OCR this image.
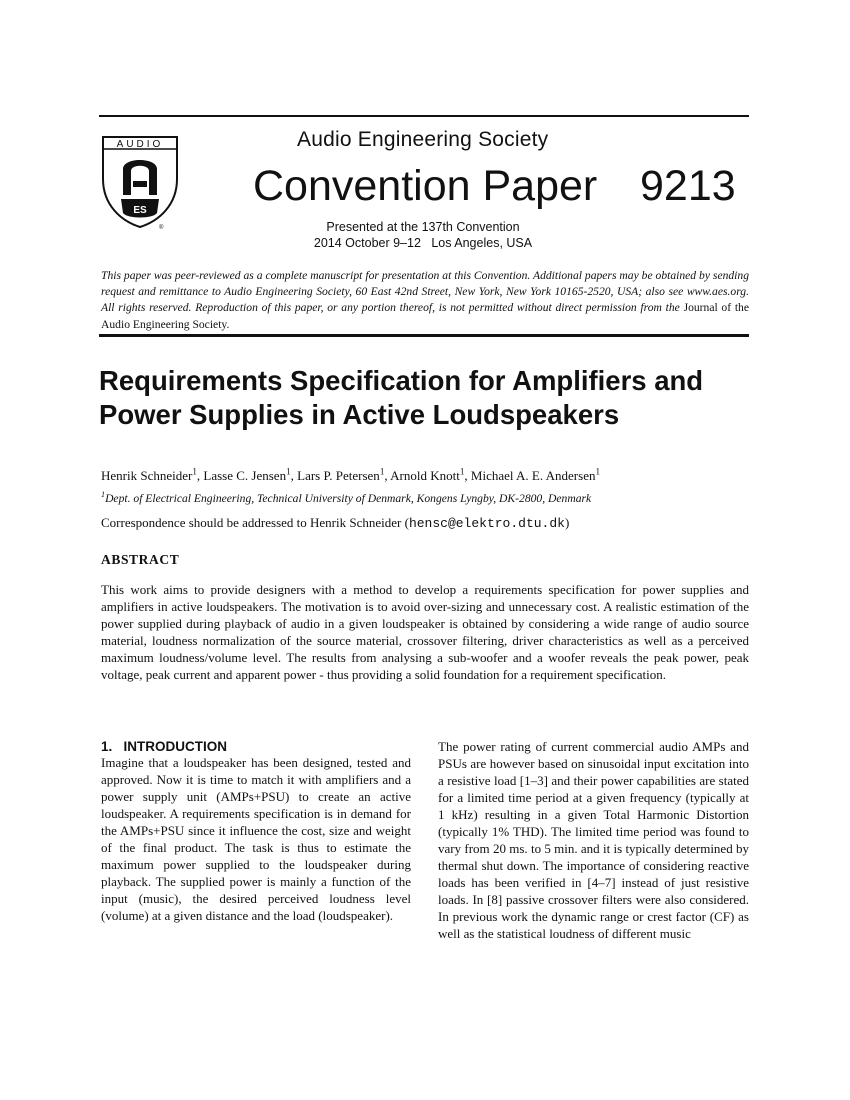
AUDIO
ES
®
Audio Engineering Society
Convention Paper 9213
Presented at the 137th Convention
2014 October 9–12   Los Angeles, USA
This paper was peer-reviewed as a complete manuscript for presentation at this Convention. Additional papers may be obtained by sending request and remittance to Audio Engineering Society, 60 East 42nd Street, New York, New York 10165-2520, USA; also see www.aes.org. All rights reserved. Reproduction of this paper, or any portion thereof, is not permitted without direct permission from the Journal of the Audio Engineering Society.
Requirements Specification for Amplifiers and Power Supplies in Active Loudspeakers
Henrik Schneider$^1$, Lasse C. Jensen$^1$, Lars P. Petersen$^1$, Arnold Knott$^1$, Michael A. E. Andersen$^1$
$^1$Dept. of Electrical Engineering, Technical University of Denmark, Kongens Lyngby, DK-2800, Denmark
Correspondence should be addressed to Henrik Schneider (hensc@elektro.dtu.dk)
ABSTRACT
This work aims to provide designers with a method to develop a requirements specification for power supplies and amplifiers in active loudspeakers. The motivation is to avoid over-sizing and unnecessary cost. A realistic estimation of the power supplied during playback of audio in a given loudspeaker is obtained by considering a wide range of audio source material, loudness normalization of the source material, crossover filtering, driver characteristics as well as a perceived maximum loudness/volume level. The results from analysing a sub-woofer and a woofer reveals the peak power, peak voltage, peak current and apparent power - thus providing a solid foundation for a requirement specification.
1.   INTRODUCTION
Imagine that a loudspeaker has been designed, tested and approved. Now it is time to match it with amplifiers and a power supply unit (AMPs+PSU) to create an active loudspeaker. A requirements specification is in demand for the AMPs+PSU since it influence the cost, size and weight of the final product. The task is thus to estimate the maximum power supplied to the loudspeaker during playback. The supplied power is mainly a function of the input (music), the desired perceived loudness level (volume) at a given distance and the load (loudspeaker).
The power rating of current commercial audio AMPs and PSUs are however based on sinusoidal input excitation into a resistive load [1–3] and their power capabilities are stated for a limited time period at a given frequency (typically at 1 kHz) resulting in a given Total Harmonic Distortion (typically 1% THD). The limited time period was found to vary from 20 ms. to 5 min. and it is typically determined by thermal shut down. The importance of considering reactive loads has been verified in [4–7] instead of just resistive loads. In [8] passive crossover filters were also considered. In previous work the dynamic range or crest factor (CF) as well as the statistical loudness of different music
